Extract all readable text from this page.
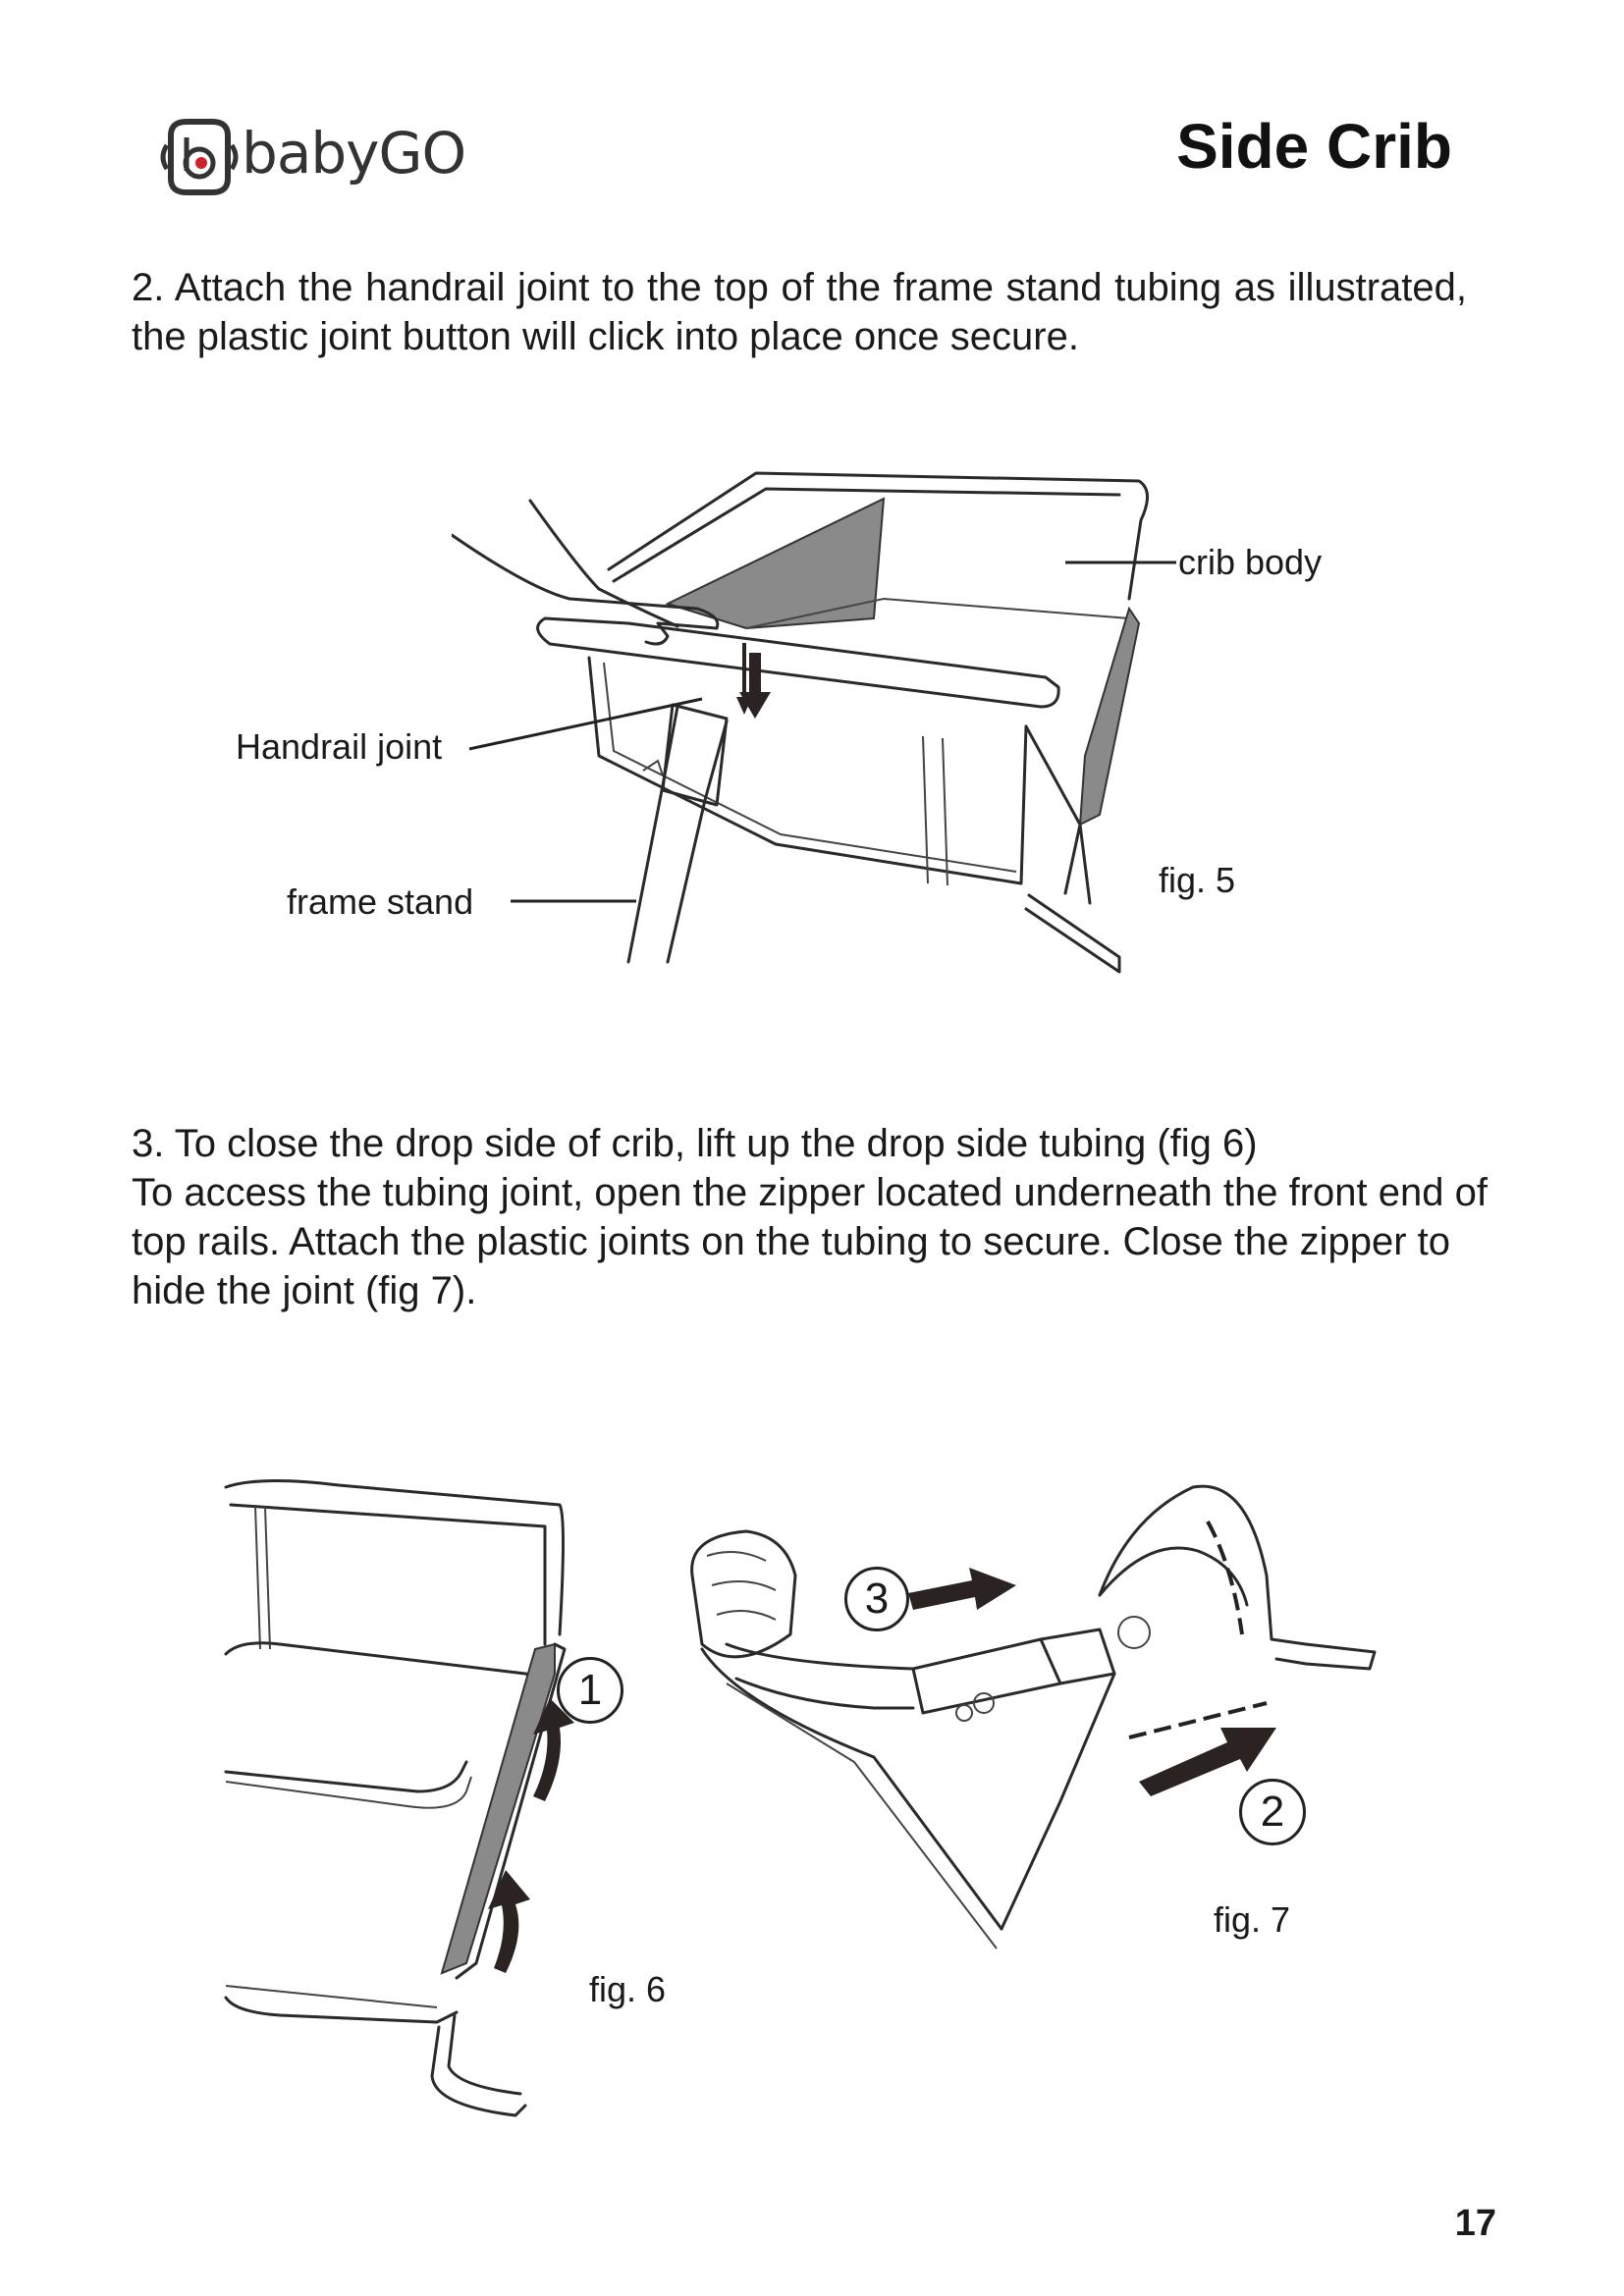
babyGO	Side Crib
2. Attach the handrail joint to the top of the frame stand tubing as illustrated, the plastic joint button will click into place once secure.
crib body
Handrail joint
frame stand
fig. 5
3. To close the drop side of crib, lift up the drop side tubing (fig 6)
To access the tubing joint, open the zipper located underneath the front end of top rails. Attach the plastic joints on the tubing to secure. Close the zipper to hide the joint (fig 7).
1
fig. 6
3
2
fig. 7
17
